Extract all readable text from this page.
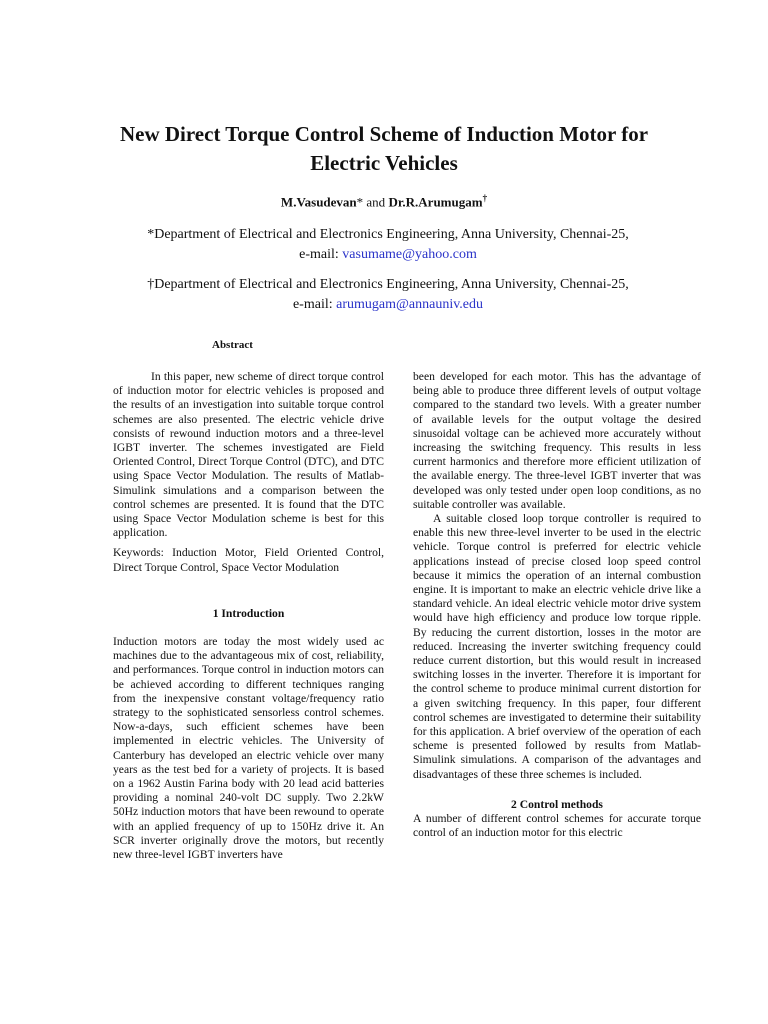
New Direct Torque Control Scheme of Induction Motor for
Electric Vehicles
M.Vasudevan* and Dr.R.Arumugam†
*Department of Electrical and Electronics Engineering, Anna University, Chennai-25,
e-mail: vasumame@yahoo.com
†Department of Electrical and Electronics Engineering, Anna University, Chennai-25,
e-mail: arumugam@annauniv.edu
Abstract

In this paper, new scheme of direct torque control of induction motor for electric vehicles is proposed and the results of an investigation into suitable torque control schemes are also presented. The electric vehicle drive consists of rewound induction motors and a three-level IGBT inverter. The schemes investigated are Field Oriented Control, Direct Torque Control (DTC), and DTC using Space Vector Modulation. The results of Matlab-Simulink simulations and a comparison between the control schemes are presented. It is found that the DTC using Space Vector Modulation scheme is best for this application.

Keywords: Induction Motor, Field Oriented Control, Direct Torque Control, Space Vector Modulation

1 Introduction

Induction motors are today the most widely used ac machines due to the advantageous mix of cost, reliability, and performances. Torque control in induction motors can be achieved according to different techniques ranging from the inexpensive constant voltage/frequency ratio strategy to the sophisticated sensorless control schemes. Now-a-days, such efficient schemes have been implemented in electric vehicles. The University of Canterbury has developed an electric vehicle over many years as the test bed for a variety of projects. It is based on a 1962 Austin Farina body with 20 lead acid batteries providing a nominal 240-volt DC supply. Two 2.2kW 50Hz induction motors that have been rewound to operate with an applied frequency of up to 150Hz drive it. An SCR inverter originally drove the motors, but recently new three-level IGBT inverters have

been developed for each motor. This has the advantage of being able to produce three different levels of output voltage compared to the standard two levels. With a greater number of available levels for the output voltage the desired sinusoidal voltage can be achieved more accurately without increasing the switching frequency. This results in less current harmonics and therefore more efficient utilization of the available energy. The three-level IGBT inverter that was developed was only tested under open loop conditions, as no suitable controller was available.

A suitable closed loop torque controller is required to enable this new three-level inverter to be used in the electric vehicle. Torque control is preferred for electric vehicle applications instead of precise closed loop speed control because it mimics the operation of an internal combustion engine. It is important to make an electric vehicle drive like a standard vehicle. An ideal electric vehicle motor drive system would have high efficiency and produce low torque ripple. By reducing the current distortion, losses in the motor are reduced. Increasing the inverter switching frequency could reduce current distortion, but this would result in increased switching losses in the inverter. Therefore it is important for the control scheme to produce minimal current distortion for a given switching frequency. In this paper, four different control schemes are investigated to determine their suitability for this application. A brief overview of the operation of each scheme is presented followed by results from Matlab-Simulink simulations. A comparison of the advantages and disadvantages of these three schemes is included.

2 Control methods

A number of different control schemes for accurate torque control of an induction motor for this electric
